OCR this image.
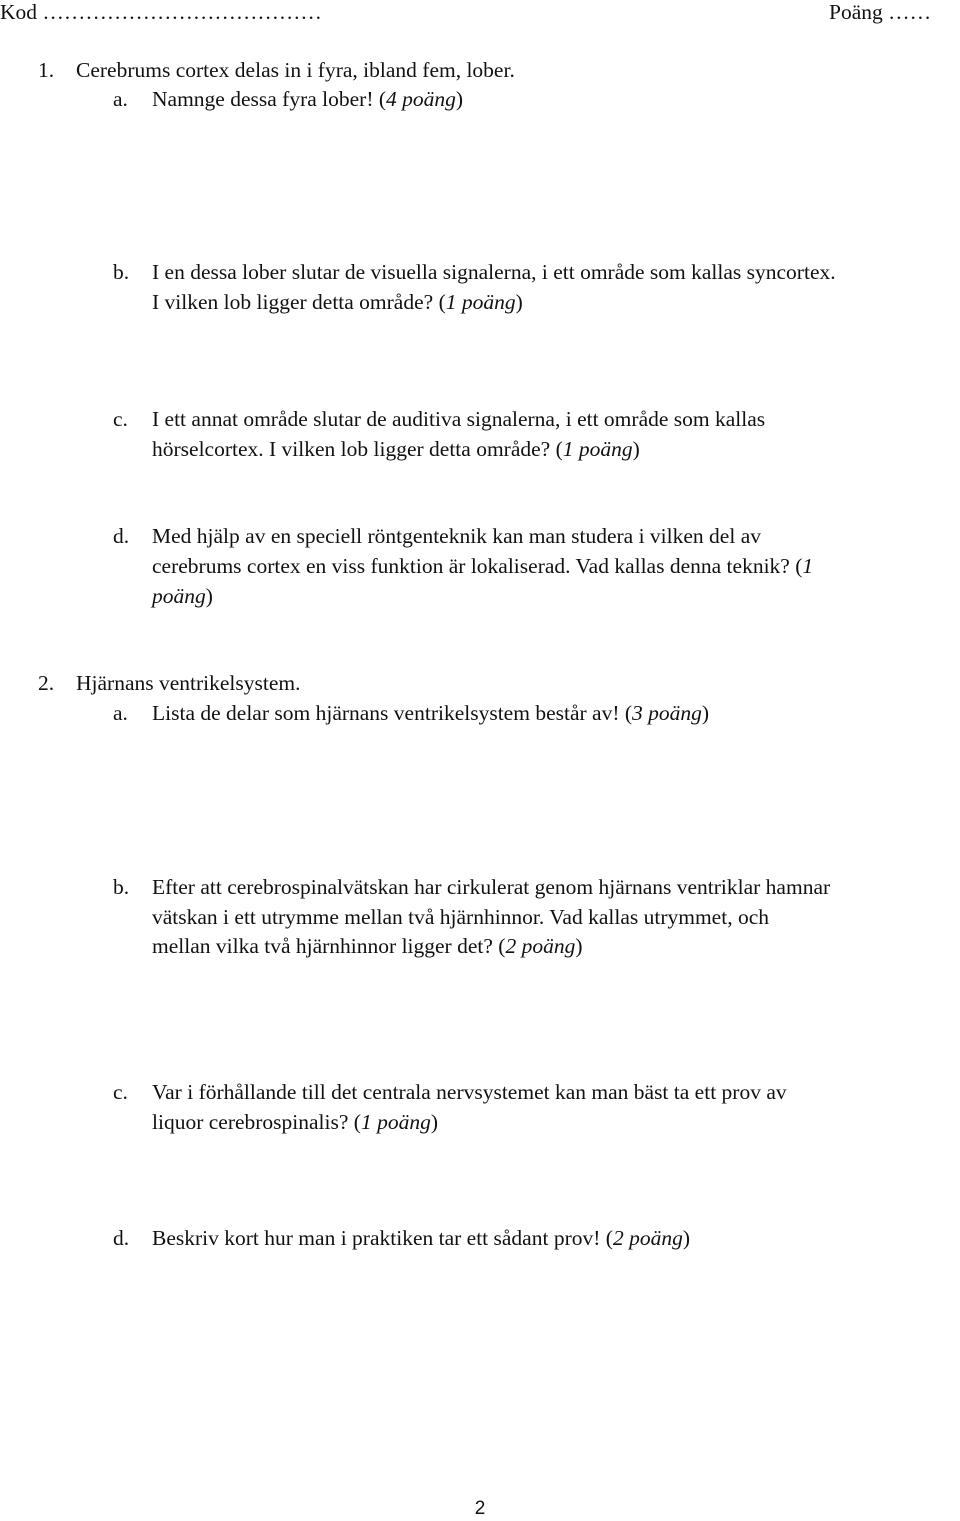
Kod …………………………………	Poäng ……
1. Cerebrums cortex delas in i fyra, ibland fem, lober.
a. Namnge dessa fyra lober! (4 poäng)
b. I en dessa lober slutar de visuella signalerna, i ett område som kallas syncortex.
I vilken lob ligger detta område? (1 poäng)
c. I ett annat område slutar de auditiva signalerna, i ett område som kallas
hörselcortex. I vilken lob ligger detta område? (1 poäng)
d. Med hjälp av en speciell röntgenteknik kan man studera i vilken del av
cerebrums cortex en viss funktion är lokaliserad. Vad kallas denna teknik? (1
poäng)
2. Hjärnans ventrikelsystem.
a. Lista de delar som hjärnans ventrikelsystem består av! (3 poäng)
b. Efter att cerebrospinalvätskan har cirkulerat genom hjärnans ventriklar hamnar
vätskan i ett utrymme mellan två hjärnhinnor. Vad kallas utrymmet, och
mellan vilka två hjärnhinnor ligger det? (2 poäng)
c. Var i förhållande till det centrala nervsystemet kan man bäst ta ett prov av
liquor cerebrospinalis? (1 poäng)
d. Beskriv kort hur man i praktiken tar ett sådant prov! (2 poäng)
2
